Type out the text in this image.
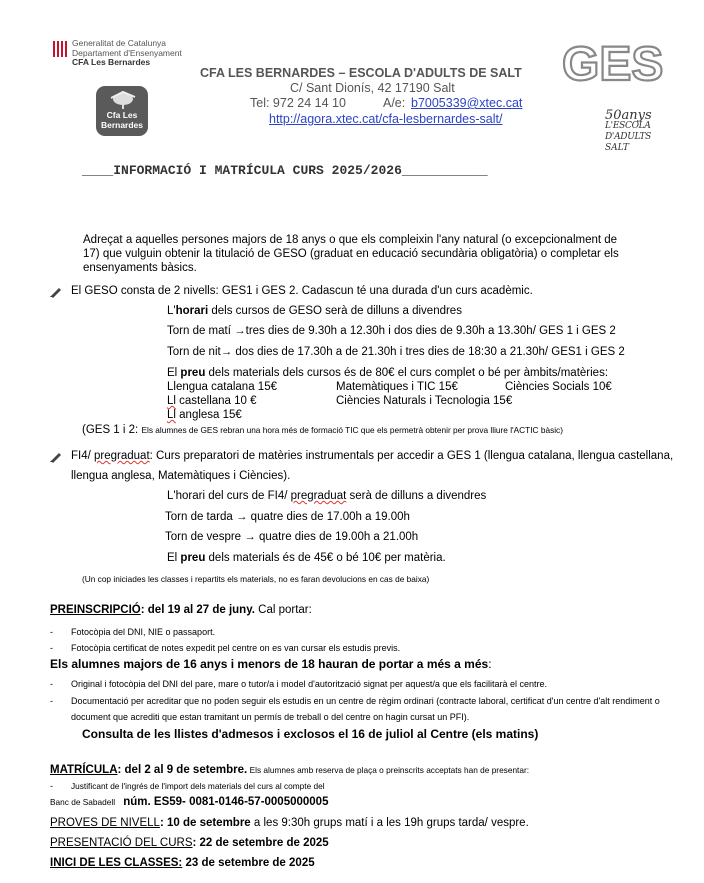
Generalitat de Catalunya
Departament d'Ensenyament
CFA Les Bernardes
Cfa Les
Bernardes
CFA LES BERNARDES – ESCOLA D'ADULTS DE SALT
C/ Sant Dionís, 42 17190 Salt
Tel: 972 24 14 10	A/e: b7005339@xtec.cat
http://agora.xtec.cat/cfa-lesbernardes-salt/
GES
50anys
L'ESCOLA
D'ADULTS
SALT
____INFORMACIÓ I MATRÍCULA CURS 2025/2026___________
Adreçat a aquelles persones majors de 18 anys o que els compleixin l'any natural (o excepcionalment de
17) que vulguin obtenir la titulació de GESO (graduat en educació secundària obligatòria) o completar els
ensenyaments bàsics.
El GESO consta de 2 nivells: GES1 i GES 2. Cadascun té una durada d'un curs acadèmic.
L'horari dels cursos de GESO serà de dilluns a divendres
Torn de matí →tres dies de 9.30h a 12.30h i dos dies de 9.30h a 13.30h/ GES 1 i GES 2
Torn de nit→ dos dies de 17.30h a de 21.30h i tres dies de 18:30 a 21.30h/ GES1 i GES 2
El preu dels materials dels cursos és de 80€ el curs complet o bé per àmbits/matèries:
Llengua catalana 15€	Matemàtiques i TIC 15€	Ciències Socials 10€
Ll castellana 10 €	Ciències Naturals i Tecnologia 15€
Ll anglesa 15€
(GES 1 i 2: Els alumnes de GES rebran una hora més de formació TIC que els permetrà obtenir per prova lliure l'ACTIC bàsic)
FI4/ pregraduat: Curs preparatori de matèries instrumentals per accedir a GES 1 (llengua catalana, llengua castellana,
llengua anglesa, Matemàtiques i Ciències).
L'horari del curs de FI4/ pregraduat serà de dilluns a divendres
Torn de tarda → quatre dies de 17.00h a 19.00h
Torn de vespre → quatre dies de 19.00h a 21.00h
El preu dels materials és de 45€ o bé 10€ per matèria.
(Un cop iniciades les classes i repartits els materials, no es faran devolucions en cas de baixa)
PREINSCRIPCIÓ: del 19 al 27 de juny. Cal portar:
- Fotocòpia del DNI, NIE o passaport.
- Fotocòpia certificat de notes expedit pel centre on es van cursar els estudis previs.
Els alumnes majors de 16 anys i menors de 18 hauran de portar a més a més:
- Original i fotocòpia del DNI del pare, mare o tutor/a i model d'autorització signat per aquest/a que els facilitarà el centre.
- Documentació per acreditar que no poden seguir els estudis en un centre de règim ordinari (contracte laboral, certificat d'un centre d'alt rendiment o
document que acrediti que estan tramitant un permís de treball o del centre on hagin cursat un PFI).
Consulta de les llistes d'admesos i exclosos el 16 de juliol al Centre (els matins)
MATRÍCULA: del 2 al 9 de setembre. Els alumnes amb reserva de plaça o preinscrits acceptats han de presentar:
- Justificant de l'ingrés de l'import dels materials del curs al compte del
Banc de Sabadell núm. ES59- 0081-0146-57-0005000005
PROVES DE NIVELL: 10 de setembre a les 9:30h grups matí i a les 19h grups tarda/ vespre.
PRESENTACIÓ DEL CURS: 22 de setembre de 2025
INICI DE LES CLASSES: 23 de setembre de 2025
